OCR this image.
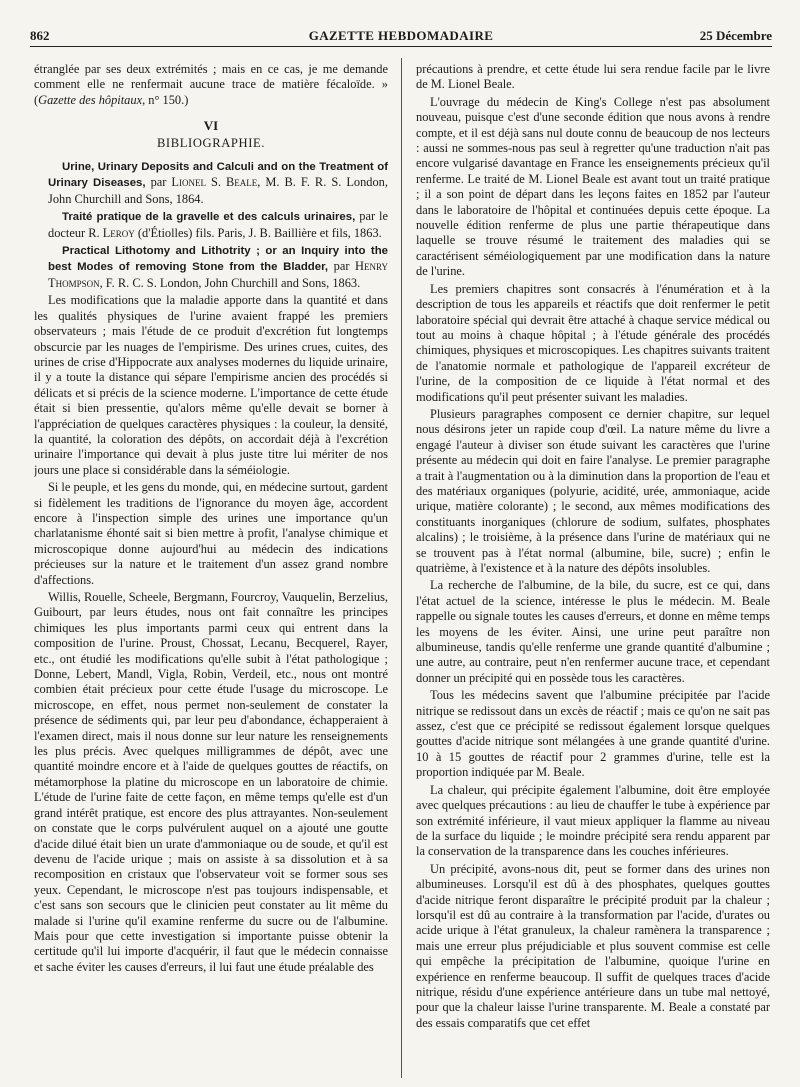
862	GAZETTE HEBDOMADAIRE	25 Décembre

étranglée par ses deux extrémités ; mais en ce cas, je me demande comment elle ne renfermait aucune trace de matière fécaloïde. » (Gazette des hôpitaux, n° 150.)

VI
BIBLIOGRAPHIE.

Urine, Urinary Deposits and Calculi and on the Treatment of Urinary Diseases, par Lionel S. Beale, M. B. F. R. S. London, John Churchill and Sons, 1864.

Traité pratique de la gravelle et des calculs urinaires, par le docteur R. Leroy (d'Étiolles) fils. Paris, J. B. Baillière et fils, 1863.

Practical Lithotomy and Lithotrity ; or an Inquiry into the best Modes of removing Stone from the Bladder, par Henry Thompson, F. R. C. S. London, John Churchill and Sons, 1863.

Les modifications que la maladie apporte dans la quantité et dans les qualités physiques de l'urine avaient frappé les premiers observateurs ; mais l'étude de ce produit d'excrétion fut longtemps obscurcie par les nuages de l'empirisme. Des urines crues, cuites, des urines de crise d'Hippocrate aux analyses modernes du liquide urinaire, il y a toute la distance qui sépare l'empirisme ancien des procédés si délicats et si précis de la science moderne. L'importance de cette étude était si bien pressentie, qu'alors même qu'elle devait se borner à l'appréciation de quelques caractères physiques : la couleur, la densité, la quantité, la coloration des dépôts, on accordait déjà à l'excrétion urinaire l'importance qui devait à plus juste titre lui mériter de nos jours une place si considérable dans la séméiologie.

Si le peuple, et les gens du monde, qui, en médecine surtout, gardent si fidèlement les traditions de l'ignorance du moyen âge, accordent encore à l'inspection simple des urines une importance qu'un charlatanisme éhonté sait si bien mettre à profit, l'analyse chimique et microscopique donne aujourd'hui au médecin des indications précieuses sur la nature et le traitement d'un assez grand nombre d'affections.

Willis, Rouelle, Scheele, Bergmann, Fourcroy, Vauquelin, Berzelius, Guibourt, par leurs études, nous ont fait connaître les principes chimiques les plus importants parmi ceux qui entrent dans la composition de l'urine. Proust, Chossat, Lecanu, Becquerel, Rayer, etc., ont étudié les modifications qu'elle subit à l'état pathologique ; Donne, Lebert, Mandl, Vigla, Robin, Verdeil, etc., nous ont montré combien était précieux pour cette étude l'usage du microscope. Le microscope, en effet, nous permet non-seulement de constater la présence de sédiments qui, par leur peu d'abondance, échapperaient à l'examen direct, mais il nous donne sur leur nature les renseignements les plus précis. Avec quelques milligrammes de dépôt, avec une quantité moindre encore et à l'aide de quelques gouttes de réactifs, on métamorphose la platine du microscope en un laboratoire de chimie. L'étude de l'urine faite de cette façon, en même temps qu'elle est d'un grand intérêt pratique, est encore des plus attrayantes. Non-seulement on constate que le corps pulvérulent auquel on a ajouté une goutte d'acide dilué était bien un urate d'ammoniaque ou de soude, et qu'il est devenu de l'acide urique ; mais on assiste à sa dissolution et à sa recomposition en cristaux que l'observateur voit se former sous ses yeux. Cependant, le microscope n'est pas toujours indispensable, et c'est sans son secours que le clinicien peut constater au lit même du malade si l'urine qu'il examine renferme du sucre ou de l'albumine. Mais pour que cette investigation si importante puisse obtenir la certitude qu'il lui importe d'acquérir, il faut que le médecin connaisse et sache éviter les causes d'erreurs, il lui faut une étude préalable des

précautions à prendre, et cette étude lui sera rendue facile par le livre de M. Lionel Beale.

L'ouvrage du médecin de King's College n'est pas absolument nouveau, puisque c'est d'une seconde édition que nous avons à rendre compte, et il est déjà sans nul doute connu de beaucoup de nos lecteurs : aussi ne sommes-nous pas seul à regretter qu'une traduction n'ait pas encore vulgarisé davantage en France les enseignements précieux qu'il renferme. Le traité de M. Lionel Beale est avant tout un traité pratique ; il a son point de départ dans les leçons faites en 1852 par l'auteur dans le laboratoire de l'hôpital et continuées depuis cette époque. La nouvelle édition renferme de plus une partie thérapeutique dans laquelle se trouve résumé le traitement des maladies qui se caractérisent séméiologiquement par une modification dans la nature de l'urine.

Les premiers chapitres sont consacrés à l'énumération et à la description de tous les appareils et réactifs que doit renfermer le petit laboratoire spécial qui devrait être attaché à chaque service médical ou tout au moins à chaque hôpital ; à l'étude générale des procédés chimiques, physiques et microscopiques. Les chapitres suivants traitent de l'anatomie normale et pathologique de l'appareil excréteur de l'urine, de la composition de ce liquide à l'état normal et des modifications qu'il peut présenter suivant les maladies.

Plusieurs paragraphes composent ce dernier chapitre, sur lequel nous désirons jeter un rapide coup d'œil. La nature même du livre a engagé l'auteur à diviser son étude suivant les caractères que l'urine présente au médecin qui doit en faire l'analyse. Le premier paragraphe a trait à l'augmentation ou à la diminution dans la proportion de l'eau et des matériaux organiques (polyurie, acidité, urée, ammoniaque, acide urique, matière colorante) ; le second, aux mêmes modifications des constituants inorganiques (chlorure de sodium, sulfates, phosphates alcalins) ; le troisième, à la présence dans l'urine de matériaux qui ne se trouvent pas à l'état normal (albumine, bile, sucre) ; enfin le quatrième, à l'existence et à la nature des dépôts insolubles.

La recherche de l'albumine, de la bile, du sucre, est ce qui, dans l'état actuel de la science, intéresse le plus le médecin. M. Beale rappelle ou signale toutes les causes d'erreurs, et donne en même temps les moyens de les éviter. Ainsi, une urine peut paraître non albumineuse, tandis qu'elle renferme une grande quantité d'albumine ; une autre, au contraire, peut n'en renfermer aucune trace, et cependant donner un précipité qui en possède tous les caractères.

Tous les médecins savent que l'albumine précipitée par l'acide nitrique se redissout dans un excès de réactif ; mais ce qu'on ne sait pas assez, c'est que ce précipité se redissout également lorsque quelques gouttes d'acide nitrique sont mélangées à une grande quantité d'urine. 10 à 15 gouttes de réactif pour 2 grammes d'urine, telle est la proportion indiquée par M. Beale.

La chaleur, qui précipite également l'albumine, doit être employée avec quelques précautions : au lieu de chauffer le tube à expérience par son extrémité inférieure, il vaut mieux appliquer la flamme au niveau de la surface du liquide ; le moindre précipité sera rendu apparent par la conservation de la transparence dans les couches inférieures.

Un précipité, avons-nous dit, peut se former dans des urines non albumineuses. Lorsqu'il est dû à des phosphates, quelques gouttes d'acide nitrique feront disparaître le précipité produit par la chaleur ; lorsqu'il est dû au contraire à la transformation par l'acide, d'urates ou acide urique à l'état granuleux, la chaleur ramènera la transparence ; mais une erreur plus préjudiciable et plus souvent commise est celle qui empêche la précipitation de l'albumine, quoique l'urine en expérience en renferme beaucoup. Il suffit de quelques traces d'acide nitrique, résidu d'une expérience antérieure dans un tube mal nettoyé, pour que la chaleur laisse l'urine transparente. M. Beale a constaté par des essais comparatifs que cet effet
